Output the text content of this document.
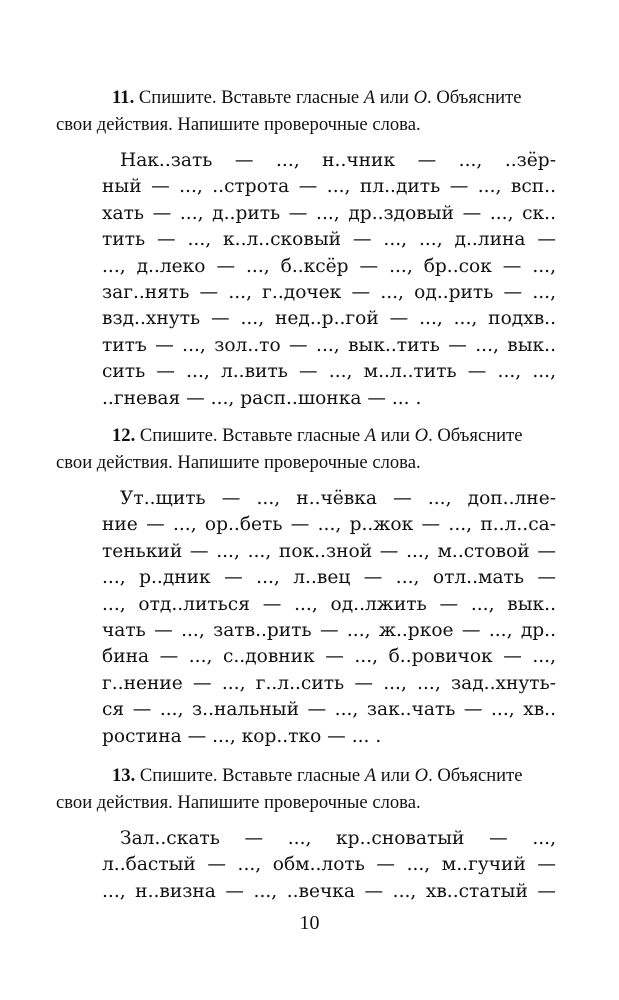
11. Спишите. Вставьте гласные А или О. Объясните
свои действия. Напишите проверочные слова.

Нак..зать — ..., н..чник — ..., ..зёр-
ный — ..., ..строта — ..., пл..дить — ..., всп..
хать — ..., д..рить — ..., др..здовый — ..., ск..
тить — ..., к..л..сковый — ..., ..., д..лина —
..., д..леко — ..., б..ксёр — ..., бр..сок — ...,
заг..нять — ..., г..дочек — ..., од..рить — ...,
взд..хнуть — ..., нед..р..гой — ..., ..., подхв..
титъ — ..., зол..то — ..., вык..тить — ..., вык..
сить — ..., л..вить — ..., м..л..тить — ..., ...,
..гневая — ..., расп..шонка — ... .

12. Спишите. Вставьте гласные А или О. Объясните
свои действия. Напишите проверочные слова.

Ут..щить — ..., н..чёвка — ..., доп..лне-
ние — ..., ор..беть — ..., р..жок — ..., п..л..са-
тенький — ..., ..., пок..зной — ..., м..стовой —
..., р..дник — ..., л..вец — ..., отл..мать —
..., отд..литься — ..., од..лжить — ..., вык..
чать — ..., затв..рить — ..., ж..ркое — ..., др..
бина — ..., с..довник — ..., б..ровичок — ...,
г..нение — ..., г..л..сить — ..., ..., зад..хнуть-
ся — ..., з..нальный — ..., зак..чать — ..., хв..
ростина — ..., кор..тко — ... .

13. Спишите. Вставьте гласные А или О. Объясните
свои действия. Напишите проверочные слова.

Зал..скать — ..., кр..сноватый — ...,
л..бастый — ..., обм..лоть — ..., м..гучий —
..., н..визна — ..., ..вечка — ..., хв..статый —
10
